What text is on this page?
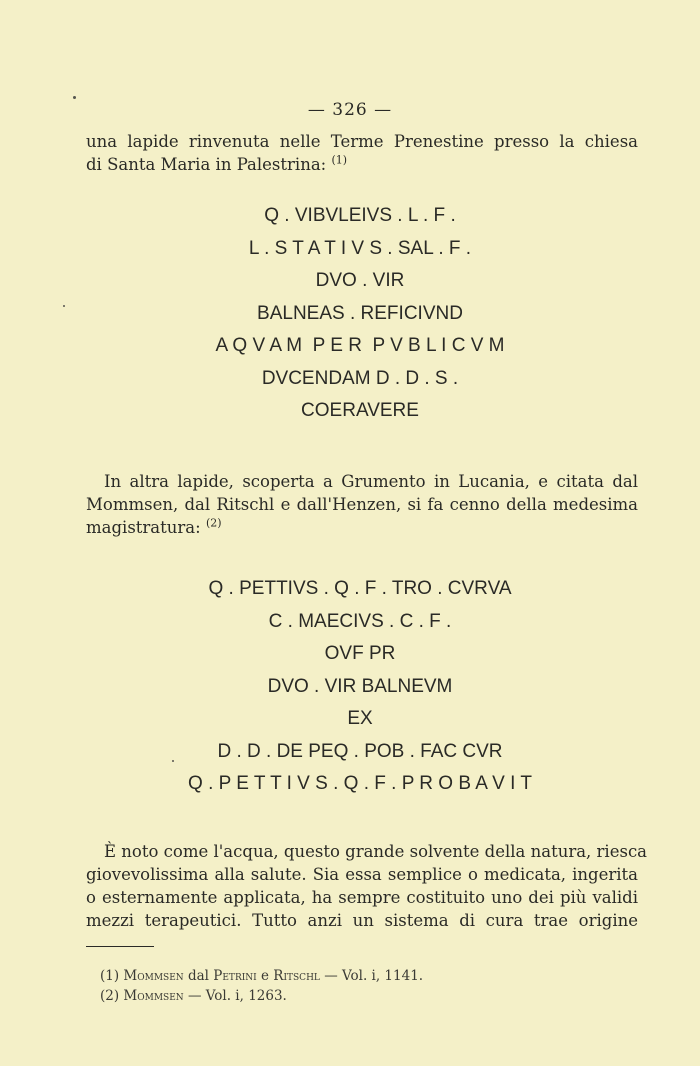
— 326 —
una lapide rinvenuta nelle Terme Prenestine presso la chiesa
di Santa Maria in Palestrina: $^{(1)}$
Q . VIBVLEIVS . L . F .
L . S T A T I V S . SAL . F .
DVO . VIR
BALNEAS . REFICIVND
A Q V A M  P E R  P V B L I C V M
DVCENDAM D . D . S .
COERAVERE
In altra lapide, scoperta a Grumento in Lucania, e citata dal
Mommsen, dal Ritschl e dall'Henzen, si fa cenno della medesima
magistratura: $^{(2)}$
Q . PETTIVS . Q . F . TRO . CVRVA
C . MAECIVS . C . F .
OVF PR
DVO . VIR BALNEVM
EX
D . D . DE PEQ . POB . FAC CVR
Q . P E T T I V S . Q . F . P R O B A V I T
È noto come l'acqua, questo grande solvente della natura, riesca
giovevolissima alla salute. Sia essa semplice o medicata, ingerita
o esternamente applicata, ha sempre costituito uno dei più validi
mezzi terapeutici. Tutto anzi un sistema di cura trae origine
(1) Mommsen dal Petrini e Ritschl — Vol. i, 1141.
(2) Mommsen — Vol. i, 1263.
